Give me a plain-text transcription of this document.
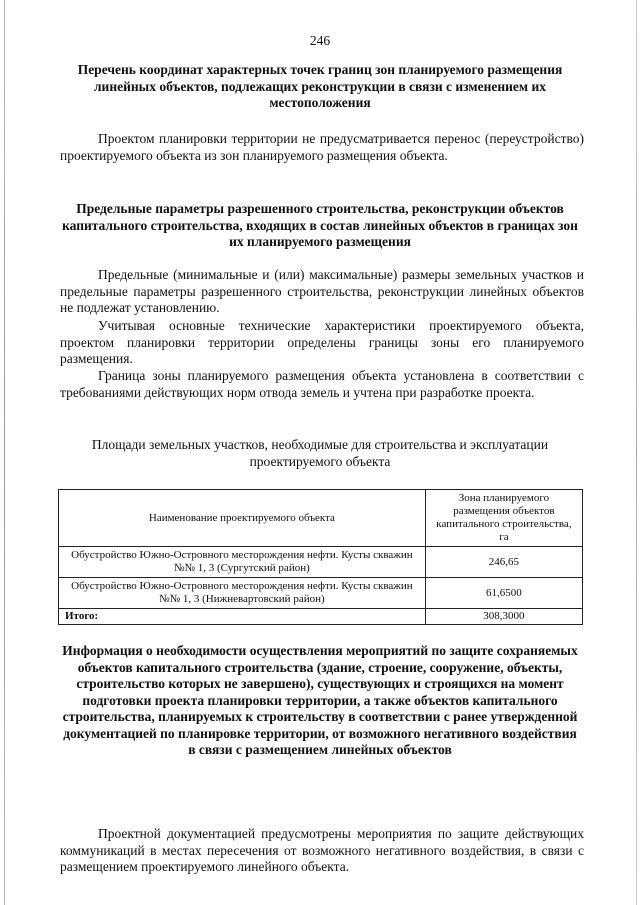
246
Перечень координат характерных точек границ зон планируемого размещения линейных объектов, подлежащих реконструкции в связи с изменением их местоположения
Проектом планировки территории не предусматривается перенос (переустройство) проектируемого объекта из зон планируемого размещения объекта.
Предельные параметры разрешенного строительства, реконструкции объектов капитального строительства, входящих в состав линейных объектов в границах зон их планируемого размещения
Предельные (минимальные и (или) максимальные) размеры земельных участков и предельные параметры разрешенного строительства, реконструкции линейных объектов не подлежат установлению.
Учитывая основные технические характеристики проектируемого объекта, проектом планировки территории определены границы зоны его планируемого размещения.
Граница зоны планируемого размещения объекта установлена в соответствии с требованиями действующих норм отвода земель и учтена при разработке проекта.
Площади земельных участков, необходимые для строительства и эксплуатации проектируемого объекта
Наименование проектируемого объекта	Зона планируемого размещения объектов капитального строительства, га
Обустройство Южно-Островного месторождения нефти. Кусты скважин №№ 1, 3 (Сургутский район)	246,65
Обустройство Южно-Островного месторождения нефти. Кусты скважин №№ 1, 3 (Нижневартовский район)	61,6500
Итого:	308,3000
Информация о необходимости осуществления мероприятий по защите сохраняемых объектов капитального строительства (здание, строение, сооружение, объекты, строительство которых не завершено), существующих и строящихся на момент подготовки проекта планировки территории, а также объектов капитального строительства, планируемых к строительству в соответствии с ранее утвержденной документацией по планировке территории, от возможного негативного воздействия в связи с размещением линейных объектов
Проектной документацией предусмотрены мероприятия по защите действующих коммуникаций в местах пересечения от возможного негативного воздействия, в связи с размещением проектируемого линейного объекта.
